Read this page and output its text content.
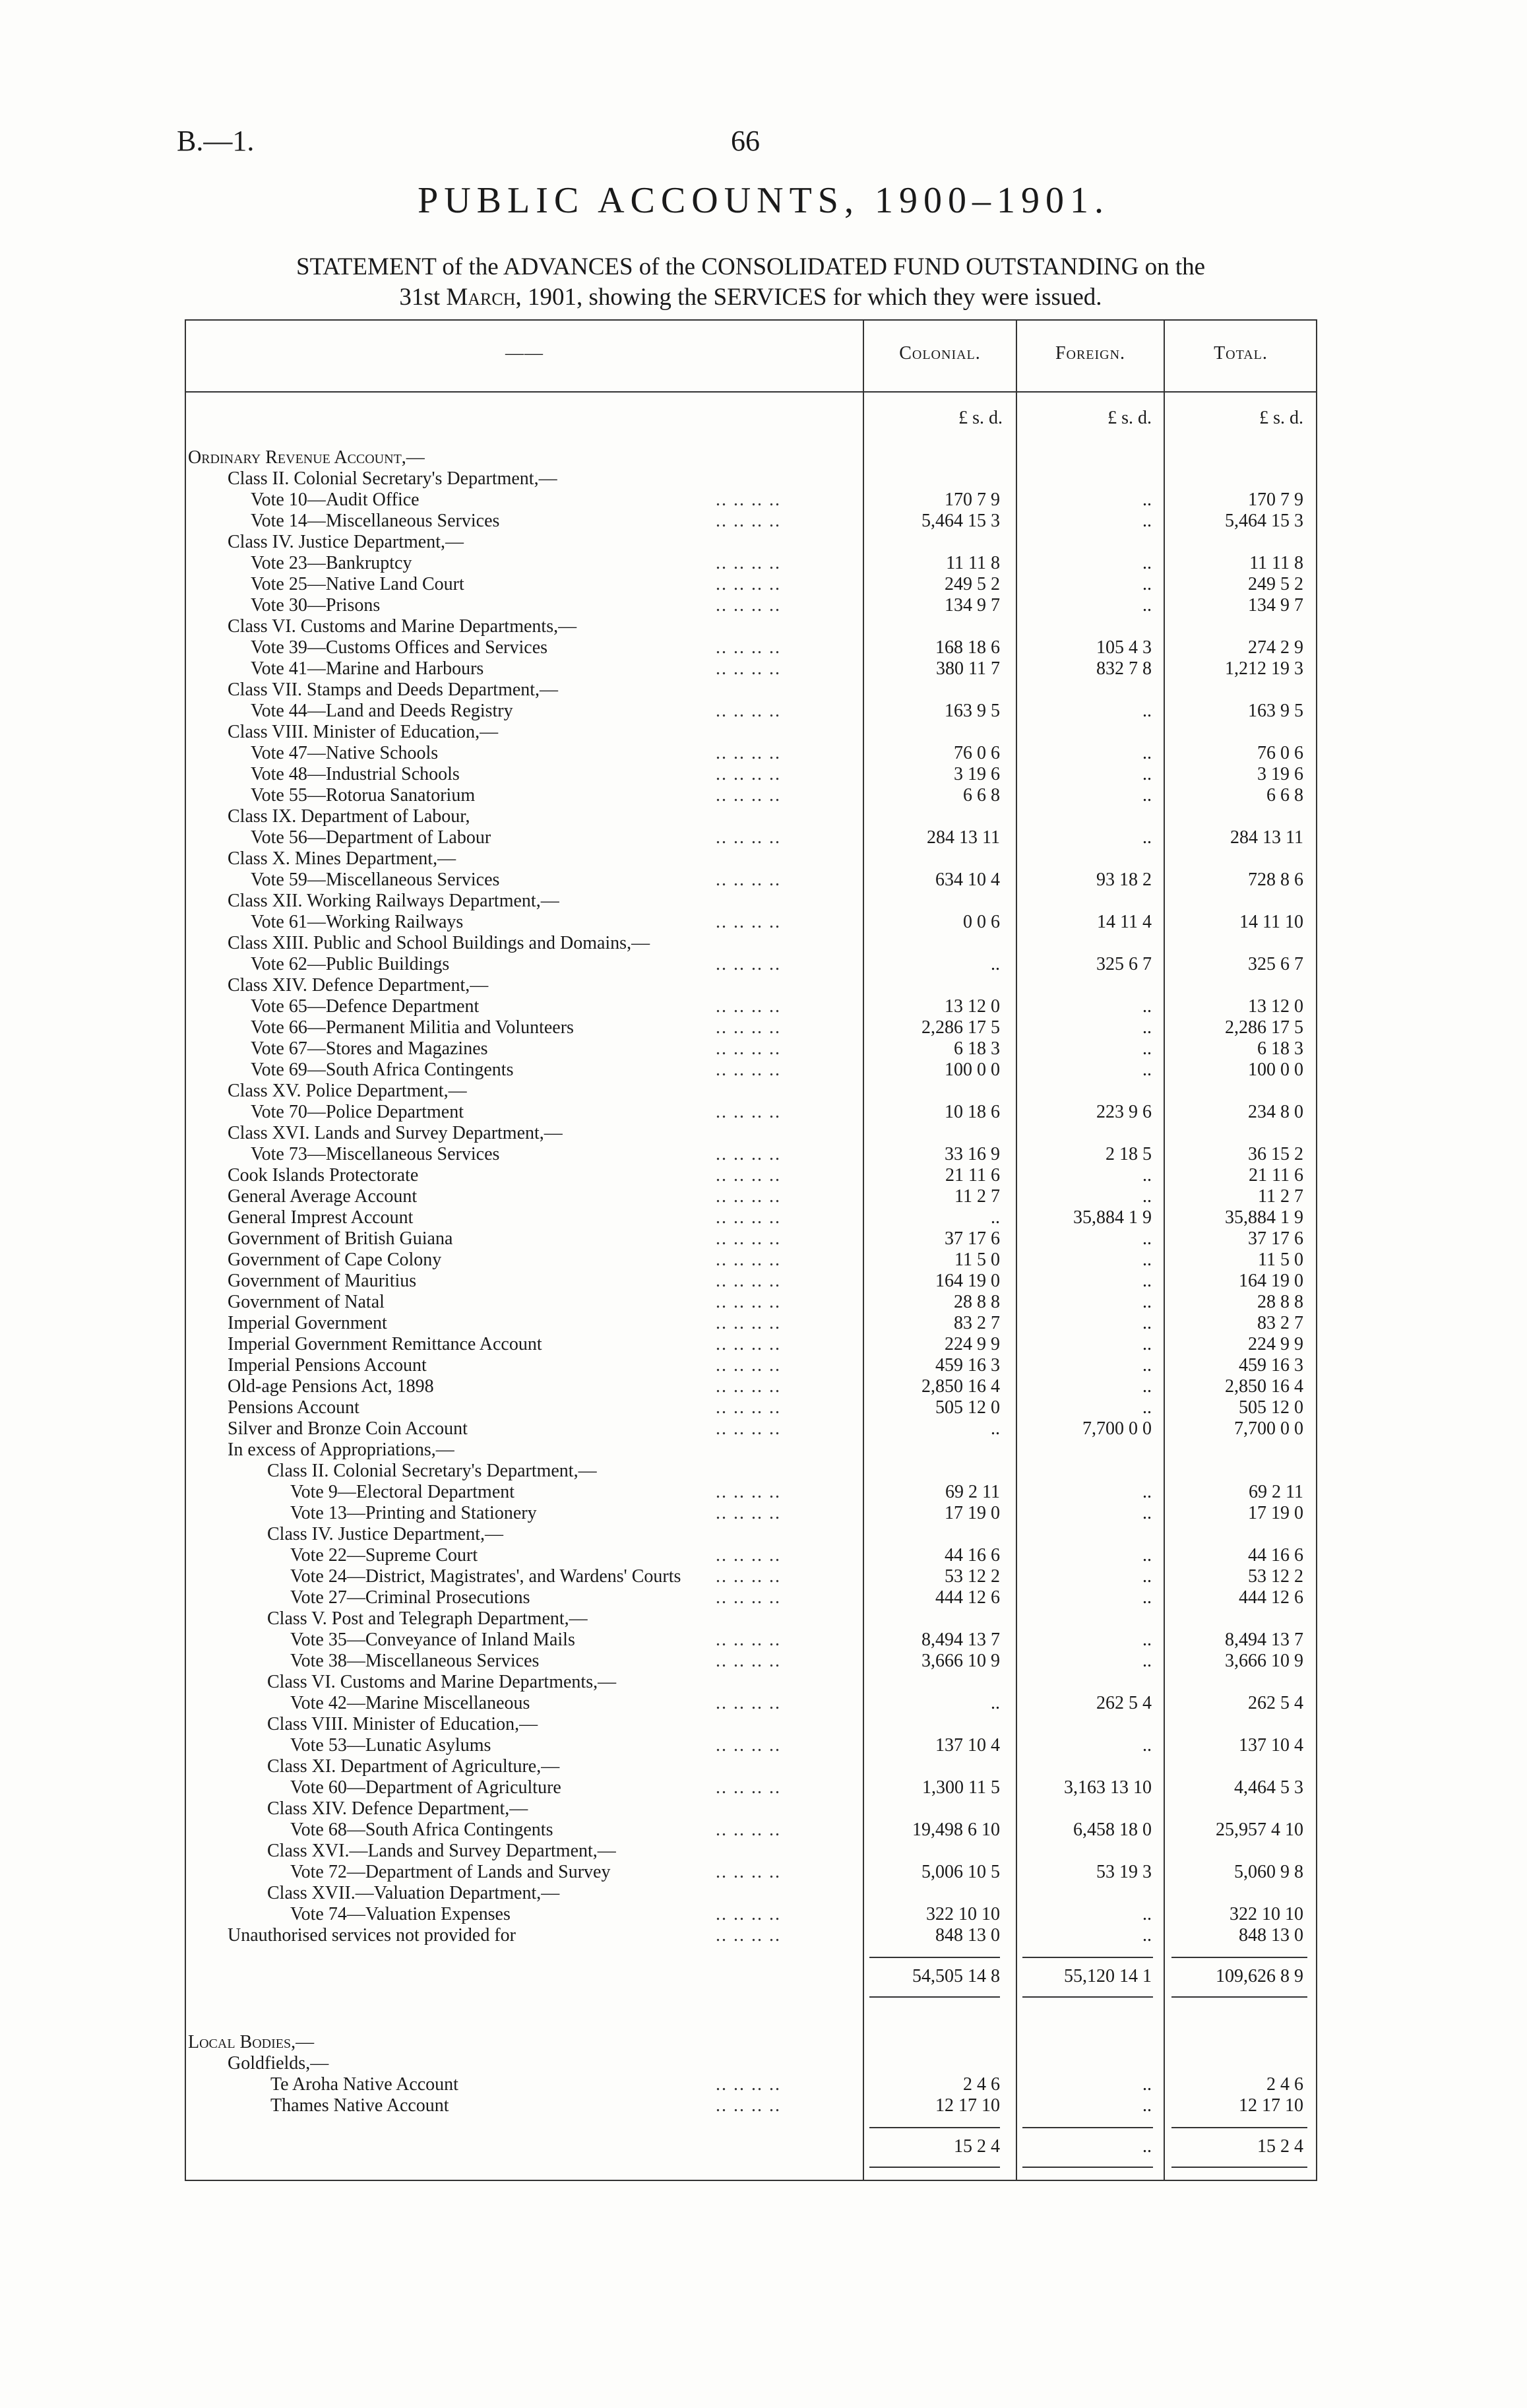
B.—1.	66
PUBLIC ACCOUNTS, 1900–1901.
STATEMENT of the ADVANCES of the CONSOLIDATED FUND OUTSTANDING on the
31st March, 1901, showing the SERVICES for which they were issued.
——	Colonial.	Foreign.	Total.
£ s. d.	£ s. d.	£ s. d.
Ordinary Revenue Account,—
Class II. Colonial Secretary's Department,—
Vote 10—Audit Office	.. .. .. ..	170 7 9	..	170 7 9
Vote 14—Miscellaneous Services	.. .. .. ..	5,464 15 3	..	5,464 15 3
Class IV. Justice Department,—
Vote 23—Bankruptcy	.. .. .. ..	11 11 8	..	11 11 8
Vote 25—Native Land Court	.. .. .. ..	249 5 2	..	249 5 2
Vote 30—Prisons	.. .. .. ..	134 9 7	..	134 9 7
Class VI. Customs and Marine Departments,—
Vote 39—Customs Offices and Services	.. .. .. ..	168 18 6	105 4 3	274 2 9
Vote 41—Marine and Harbours	.. .. .. ..	380 11 7	832 7 8	1,212 19 3
Class VII. Stamps and Deeds Department,—
Vote 44—Land and Deeds Registry	.. .. .. ..	163 9 5	..	163 9 5
Class VIII. Minister of Education,—
Vote 47—Native Schools	.. .. .. ..	76 0 6	..	76 0 6
Vote 48—Industrial Schools	.. .. .. ..	3 19 6	..	3 19 6
Vote 55—Rotorua Sanatorium	.. .. .. ..	6 6 8	..	6 6 8
Class IX. Department of Labour,
Vote 56—Department of Labour	.. .. .. ..	284 13 11	..	284 13 11
Class X. Mines Department,—
Vote 59—Miscellaneous Services	.. .. .. ..	634 10 4	93 18 2	728 8 6
Class XII. Working Railways Department,—
Vote 61—Working Railways	.. .. .. ..	0 0 6	14 11 4	14 11 10
Class XIII. Public and School Buildings and Domains,—
Vote 62—Public Buildings	.. .. .. ..	..	325 6 7	325 6 7
Class XIV. Defence Department,—
Vote 65—Defence Department	.. .. .. ..	13 12 0	..	13 12 0
Vote 66—Permanent Militia and Volunteers	.. .. .. ..	2,286 17 5	..	2,286 17 5
Vote 67—Stores and Magazines	.. .. .. ..	6 18 3	..	6 18 3
Vote 69—South Africa Contingents	.. .. .. ..	100 0 0	..	100 0 0
Class XV. Police Department,—
Vote 70—Police Department	.. .. .. ..	10 18 6	223 9 6	234 8 0
Class XVI. Lands and Survey Department,—
Vote 73—Miscellaneous Services	.. .. .. ..	33 16 9	2 18 5	36 15 2
Cook Islands Protectorate	.. .. .. ..	21 11 6	..	21 11 6
General Average Account	.. .. .. ..	11 2 7	..	11 2 7
General Imprest Account	.. .. .. ..	..	35,884 1 9	35,884 1 9
Government of British Guiana	.. .. .. ..	37 17 6	..	37 17 6
Government of Cape Colony	.. .. .. ..	11 5 0	..	11 5 0
Government of Mauritius	.. .. .. ..	164 19 0	..	164 19 0
Government of Natal	.. .. .. ..	28 8 8	..	28 8 8
Imperial Government	.. .. .. ..	83 2 7	..	83 2 7
Imperial Government Remittance Account	.. .. .. ..	224 9 9	..	224 9 9
Imperial Pensions Account	.. .. .. ..	459 16 3	..	459 16 3
Old-age Pensions Act, 1898	.. .. .. ..	2,850 16 4	..	2,850 16 4
Pensions Account	.. .. .. ..	505 12 0	..	505 12 0
Silver and Bronze Coin Account	.. .. .. ..	..	7,700 0 0	7,700 0 0
In excess of Appropriations,—
Class II. Colonial Secretary's Department,—
Vote 9—Electoral Department	.. .. .. ..	69 2 11	..	69 2 11
Vote 13—Printing and Stationery	.. .. .. ..	17 19 0	..	17 19 0
Class IV. Justice Department,—
Vote 22—Supreme Court	.. .. .. ..	44 16 6	..	44 16 6
Vote 24—District, Magistrates', and Wardens' Courts .. .. .. ..	53 12 2	..	53 12 2
Vote 27—Criminal Prosecutions	.. .. .. ..	444 12 6	..	444 12 6
Class V. Post and Telegraph Department,—
Vote 35—Conveyance of Inland Mails	.. .. .. ..	8,494 13 7	..	8,494 13 7
Vote 38—Miscellaneous Services	.. .. .. ..	3,666 10 9	..	3,666 10 9
Class VI. Customs and Marine Departments,—
Vote 42—Marine Miscellaneous	.. .. .. ..	..	262 5 4	262 5 4
Class VIII. Minister of Education,—
Vote 53—Lunatic Asylums	.. .. .. ..	137 10 4	..	137 10 4
Class XI. Department of Agriculture,—
Vote 60—Department of Agriculture	.. .. .. ..	1,300 11 5	3,163 13 10	4,464 5 3
Class XIV. Defence Department,—
Vote 68—South Africa Contingents	.. .. .. ..	19,498 6 10	6,458 18 0	25,957 4 10
Class XVI.—Lands and Survey Department,—
Vote 72—Department of Lands and Survey	.. .. .. ..	5,006 10 5	53 19 3	5,060 9 8
Class XVII.—Valuation Department,—
Vote 74—Valuation Expenses	.. .. .. ..	322 10 10	..	322 10 10
Unauthorised services not provided for	.. .. .. ..	848 13 0	..	848 13 0
54,505 14 8	55,120 14 1	109,626 8 9
Local Bodies,—
Goldfields,—
Te Aroha Native Account	.. .. .. ..	2 4 6	..	2 4 6
Thames Native Account	.. .. .. ..	12 17 10	..	12 17 10
15 2 4	..	15 2 4
